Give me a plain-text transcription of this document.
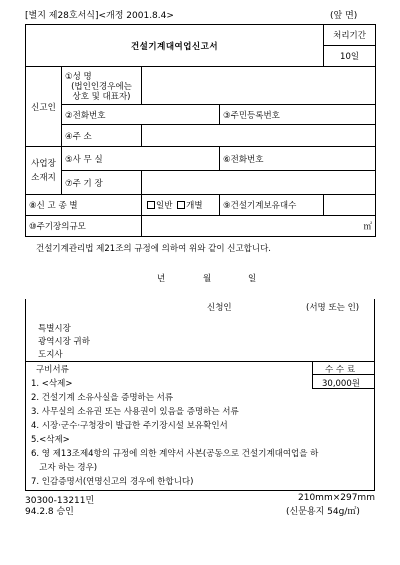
[별지 제28호서식]<개정 2001.8.4>	(앞 면)
건설기계대여업신고서				처리기간
				10일
신고인	①성 명
(법인인경우에는
상호 및 대표자)			

	②전화번호		③주민등록번호	
	④주 소			
사업장
소재지	⑤사 무 실		⑥전화번호	
	⑦주 기 장			
⑧신 고 종 별		일반 개별	⑨건설기계보유대수	
⑩주기장의규모		㎡		
건설기계관리법 제21조의 규정에 의하여 위와 같이 신고합니다.
년	월	일
신청인	(서명 또는 인)
특별시장
광역시장 귀하
도지사
구비서류	수 수 료
30,000원
1. <삭제>
2. 건설기계 소유사실을 증명하는 서류
3. 사무실의 소유권 또는 사용권이 있음을 증명하는 서류
4. 시장·군수·구청장이 발급한 주기장시설 보유확인서
5.<삭제>
6. 영 제13조제4항의 규정에 의한 계약서 사본(공동으로 건설기계대여업을 하
고자 하는 경우)
7. 인감증명서(연명신고의 경우에 한합니다)
30300-13211민
94.2.8 승인
210mm×297mm
(신문용지 54g/㎡)
